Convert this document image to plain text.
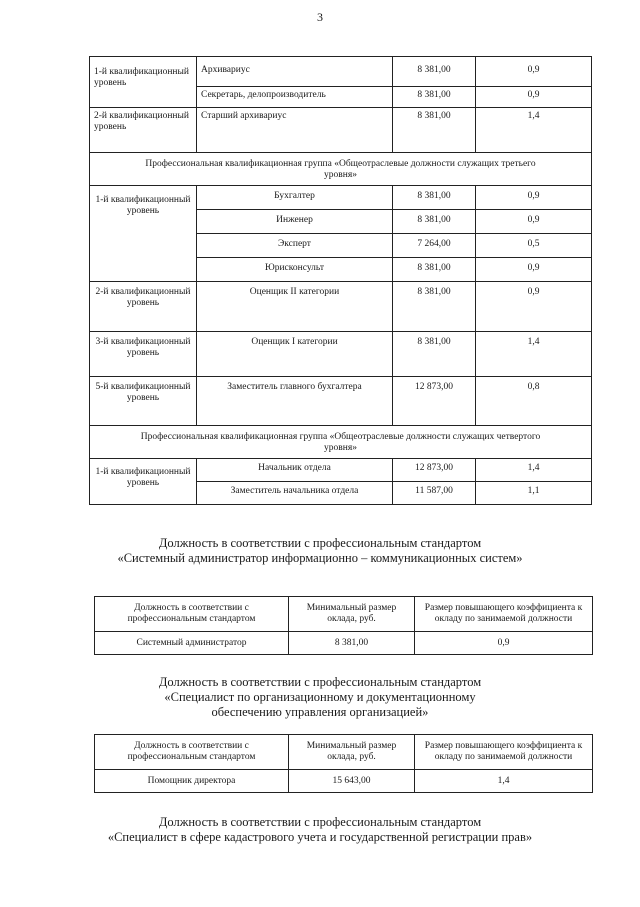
3
1-й квалификационный уровень	Архивариус	8 381,00	0,9
	Секретарь, делопроизводитель	8 381,00	0,9
2-й квалификационный уровень	Старший архивариус	8 381,00	1,4
Профессиональная квалификационная группа «Общеотраслевые должности служащих третьего уровня»			
1-й квалификационный уровень	Бухгалтер	8 381,00	0,9
	Инженер	8 381,00	0,9
	Эксперт	7 264,00	0,5
	Юрисконсульт	8 381,00	0,9
2-й квалификационный уровень	Оценщик II категории	8 381,00	0,9
3-й квалификационный уровень	Оценщик I категории	8 381,00	1,4
5-й квалификационный уровень	Заместитель главного бухгалтера	12 873,00	0,8
Профессиональная квалификационная группа «Общеотраслевые должности служащих четвертого уровня»			
1-й квалификационный уровень	Начальник отдела	12 873,00	1,4
	Заместитель начальника отдела	11 587,00	1,1
Должность в соответствии с профессиональным стандартом
«Системный администратор информационно – коммуникационных систем»
Должность в соответствии с профессиональным стандартом	Минимальный размер оклада, руб.	Размер повышающего коэффициента к окладу по занимаемой должности
Системный администратор	8 381,00	0,9
Должность в соответствии с профессиональным стандартом
«Специалист по организационному и документационному
обеспечению управления организацией»
Должность в соответствии с профессиональным стандартом	Минимальный размер оклада, руб.	Размер повышающего коэффициента к окладу по занимаемой должности
Помощник директора	15 643,00	1,4
Должность в соответствии с профессиональным стандартом
«Специалист в сфере кадастрового учета и государственной регистрации прав»
